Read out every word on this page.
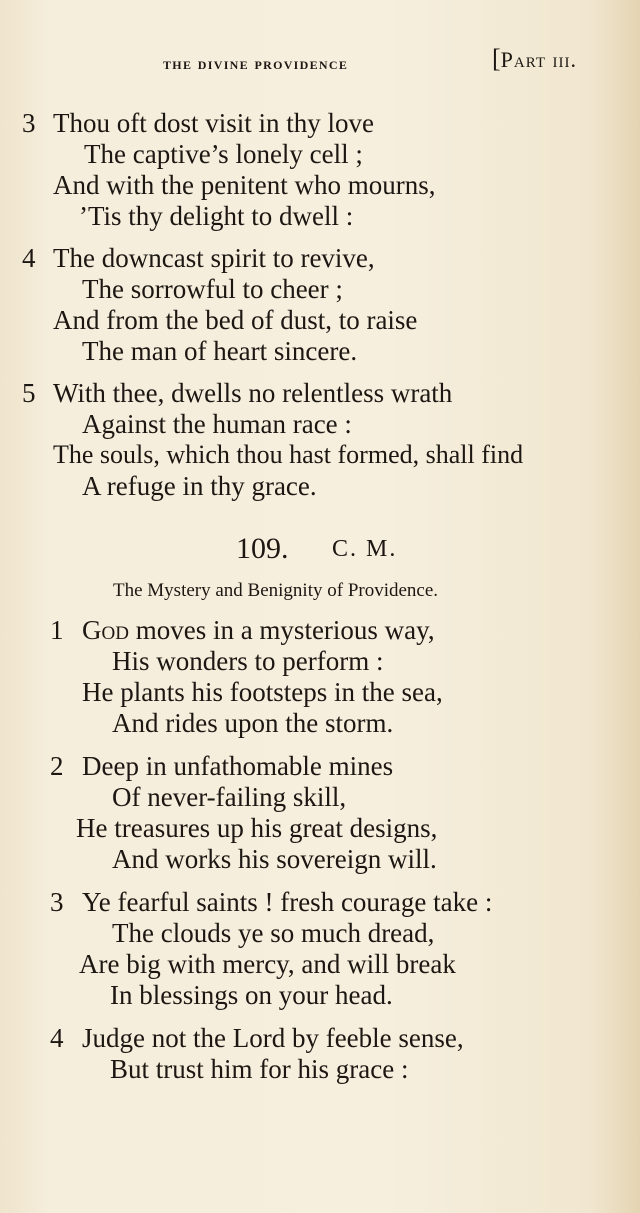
the divine providence	[Part iii.
3 Thou oft dost visit in thy love
The captive’s lonely cell ;
And with the penitent who mourns,
’Tis thy delight to dwell :
4 The downcast spirit to revive,
The sorrowful to cheer ;
And from the bed of dust, to raise
The man of heart sincere.
5 With thee, dwells no relentless wrath
Against the human race :
The souls, which thou hast formed, shall find
A refuge in thy grace.
109. C. M.
The Mystery and Benignity of Providence.
1 God moves in a mysterious way,
His wonders to perform :
He plants his footsteps in the sea,
And rides upon the storm.
2 Deep in unfathomable mines
Of never-failing skill,
He treasures up his great designs,
And works his sovereign will.
3 Ye fearful saints ! fresh courage take :
The clouds ye so much dread,
Are big with mercy, and will break
In blessings on your head.
4 Judge not the Lord by feeble sense,
But trust him for his grace :
